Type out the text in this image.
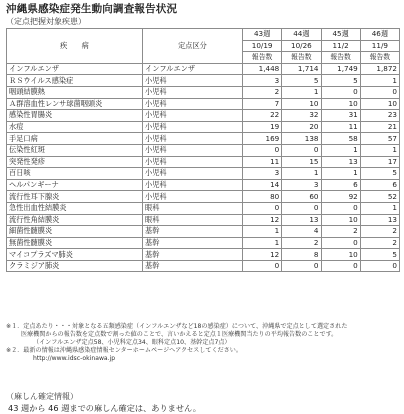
沖縄県感染症発生動向調査報告状況
（定点把握対象疾患）
疾　　病	定点区分	43週	44週	45週	46週
		10/19	10/26	11/2	11/9
		報告数	報告数	報告数	報告数
インフルエンザ	インフルエンザ	1,448	1,714	1,749	1,872
ＲＳウイルス感染症	小児科	3	5	5	1
咽頭結膜熱	小児科	2	1	0	0
Ａ群溶血性レンサ球菌咽頭炎	小児科	7	10	10	10
感染性胃腸炎	小児科	22	32	31	23
水痘	小児科	19	20	11	21
手足口病	小児科	169	138	58	57
伝染性紅斑	小児科	0	0	1	1
突発性発疹	小児科	11	15	13	17
百日咳	小児科	3	1	1	5
ヘルパンギーナ	小児科	14	3	6	6
流行性耳下腺炎	小児科	80	60	92	52
急性出血性結膜炎	眼科	0	0	0	1
流行性角結膜炎	眼科	12	13	10	13
細菌性髄膜炎	基幹	1	4	2	2
無菌性髄膜炎	基幹	1	2	0	2
マイコプラズマ肺炎	基幹	12	8	10	5
クラミジア肺炎	基幹	0	0	0	0
※１．定点あたり・・・対象となる五類感染症（インフルエンザなど18の感染症）について、沖縄県で定点として選定された
医療機関からの報告数を定点数で割った値のことで、言いかえると定点１医療機関当たりの平均報告数のことです。
（インフルエンザ定点58、小児科定点34、眼科定点10、基幹定点7点）
※２．最新の情報は沖縄県感染症情報センターホームページへアクセスしてください。
http://www.idsc-okinawa.jp
（麻しん確定情報）
43 週から 46 週までの麻しん確定は、ありません。
